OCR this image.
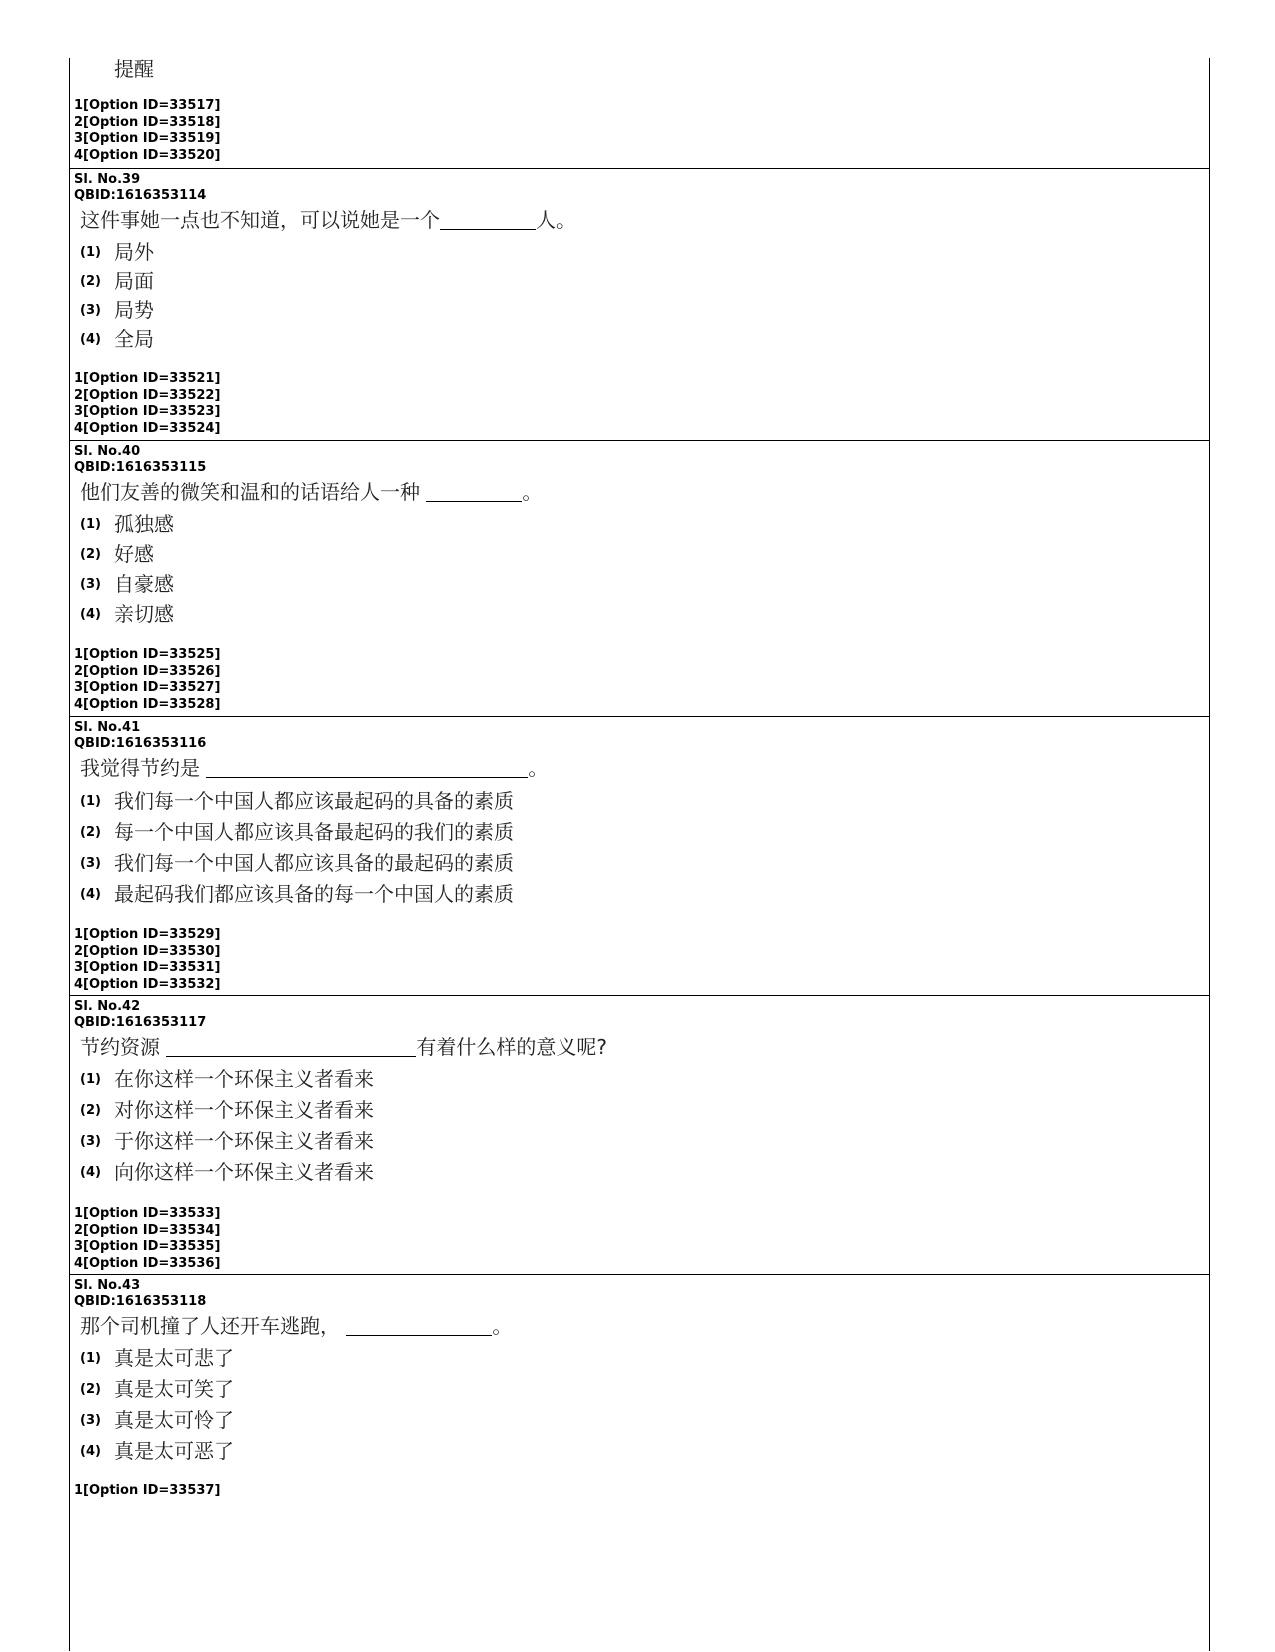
提醒
1[Option ID=33517]
2[Option ID=33518]
3[Option ID=33519]
4[Option ID=33520]
Sl. No.39
QBID:1616353114
这件事她一点也不知道，可以说她是一个	人。
(1) 局外
(2) 局面
(3) 局势
(4) 全局
1[Option ID=33521]
2[Option ID=33522]
3[Option ID=33523]
4[Option ID=33524]
Sl. No.40
QBID:1616353115
他们友善的微笑和温和的话语给人一种	。
(1) 孤独感
(2) 好感
(3) 自豪感
(4) 亲切感
1[Option ID=33525]
2[Option ID=33526]
3[Option ID=33527]
4[Option ID=33528]
Sl. No.41
QBID:1616353116
我觉得节约是	。
(1) 我们每一个中国人都应该最起码的具备的素质
(2) 每一个中国人都应该具备最起码的我们的素质
(3) 我们每一个中国人都应该具备的最起码的素质
(4) 最起码我们都应该具备的每一个中国人的素质
1[Option ID=33529]
2[Option ID=33530]
3[Option ID=33531]
4[Option ID=33532]
Sl. No.42
QBID:1616353117
节约资源	有着什么样的意义呢?
(1) 在你这样一个环保主义者看来
(2) 对你这样一个环保主义者看来
(3) 于你这样一个环保主义者看来
(4) 向你这样一个环保主义者看来
1[Option ID=33533]
2[Option ID=33534]
3[Option ID=33535]
4[Option ID=33536]
Sl. No.43
QBID:1616353118
那个司机撞了人还开车逃跑，	。
(1) 真是太可悲了
(2) 真是太可笑了
(3) 真是太可怜了
(4) 真是太可恶了
1[Option ID=33537]
